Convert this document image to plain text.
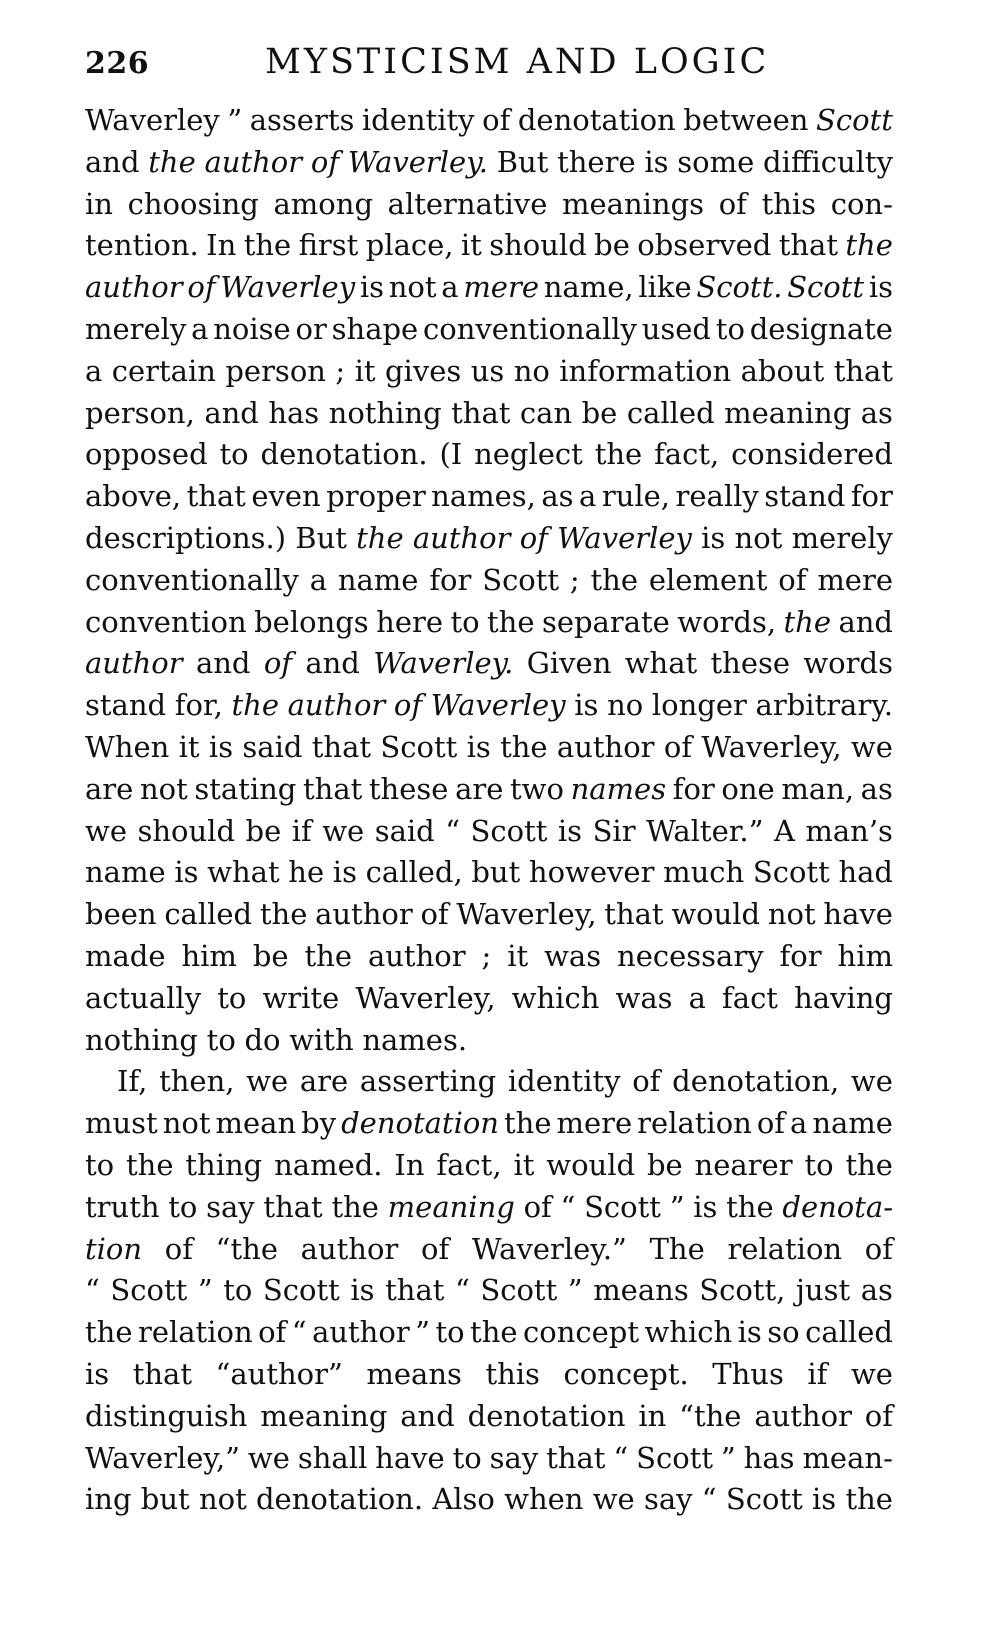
226	MYSTICISM AND LOGIC
Waverley ” asserts identity of denotation between Scott
and the author of Waverley. But there is some difficulty
in choosing among alternative meanings of this con-
tention. In the first place, it should be observed that the
author of Waverley is not a mere name, like Scott. Scott is
merely a noise or shape conventionally used to designate
a certain person ; it gives us no information about that
person, and has nothing that can be called meaning as
opposed to denotation. (I neglect the fact, considered
above, that even proper names, as a rule, really stand for
descriptions.) But the author of Waverley is not merely
conventionally a name for Scott ; the element of mere
convention belongs here to the separate words, the and
author and of and Waverley. Given what these words
stand for, the author of Waverley is no longer arbitrary.
When it is said that Scott is the author of Waverley, we
are not stating that these are two names for one man, as
we should be if we said “ Scott is Sir Walter.” A man’s
name is what he is called, but however much Scott had
been called the author of Waverley, that would not have
made him be the author ; it was necessary for him
actually to write Waverley, which was a fact having
nothing to do with names.
If, then, we are asserting identity of denotation, we
must not mean by denotation the mere relation of a name
to the thing named. In fact, it would be nearer to the
truth to say that the meaning of “ Scott ” is the denota-
tion of “the author of Waverley.” The relation of
“ Scott ” to Scott is that “ Scott ” means Scott, just as
the relation of “ author ” to the concept which is so called
is that “author” means this concept. Thus if we
distinguish meaning and denotation in “the author of
Waverley,” we shall have to say that “ Scott ” has mean-
ing but not denotation. Also when we say “ Scott is the
